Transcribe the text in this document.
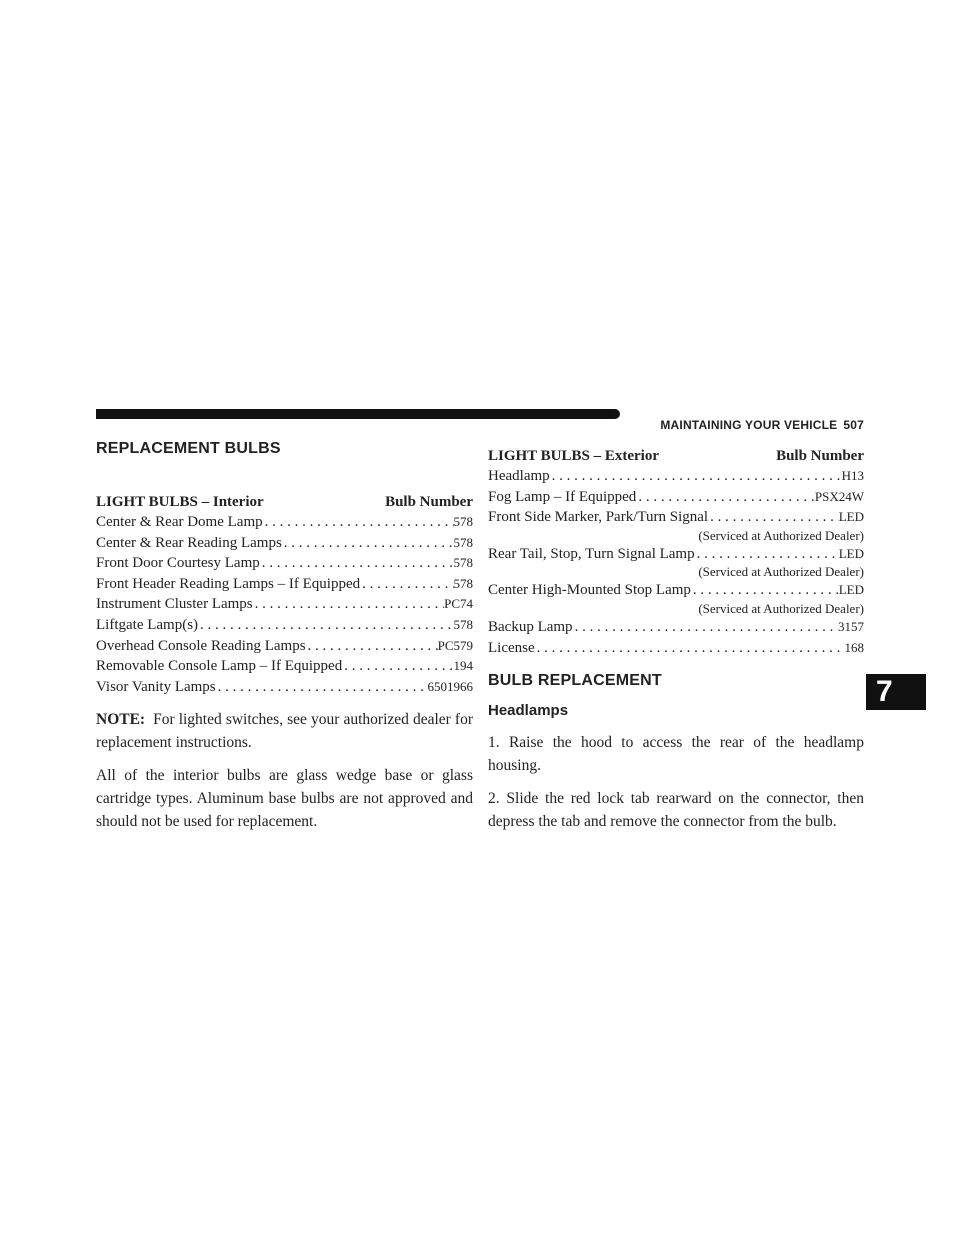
MAINTAINING YOUR VEHICLE 507
7
REPLACEMENT BULBS
LIGHT BULBS – Interior	Bulb Number
Center & Rear Dome Lamp . . .	578
Center & Rear Reading Lamps . . .	578
Front Door Courtesy Lamp . . .	578
Front Header Reading Lamps – If Equipped . . .	578
Instrument Cluster Lamps . . .	PC74
Liftgate Lamp(s) . . .	578
Overhead Console Reading Lamps . . .	PC579
Removable Console Lamp – If Equipped . . .	194
Visor Vanity Lamps . . .	6501966

NOTE: For lighted switches, see your authorized dealer for replacement instructions.

All of the interior bulbs are glass wedge base or glass cartridge types. Aluminum base bulbs are not approved and should not be used for replacement.

LIGHT BULBS – Exterior	Bulb Number
Headlamp . . .	H13
Fog Lamp – If Equipped . . .	PSX24W
Front Side Marker, Park/Turn Signal . . .	LED
(Serviced at Authorized Dealer)
Rear Tail, Stop, Turn Signal Lamp . . .	LED
(Serviced at Authorized Dealer)
Center High-Mounted Stop Lamp . . .	LED
(Serviced at Authorized Dealer)
Backup Lamp . . .	3157
License . . .	168
BULB REPLACEMENT
Headlamps

1. Raise the hood to access the rear of the headlamp housing.

2. Slide the red lock tab rearward on the connector, then depress the tab and remove the connector from the bulb.
